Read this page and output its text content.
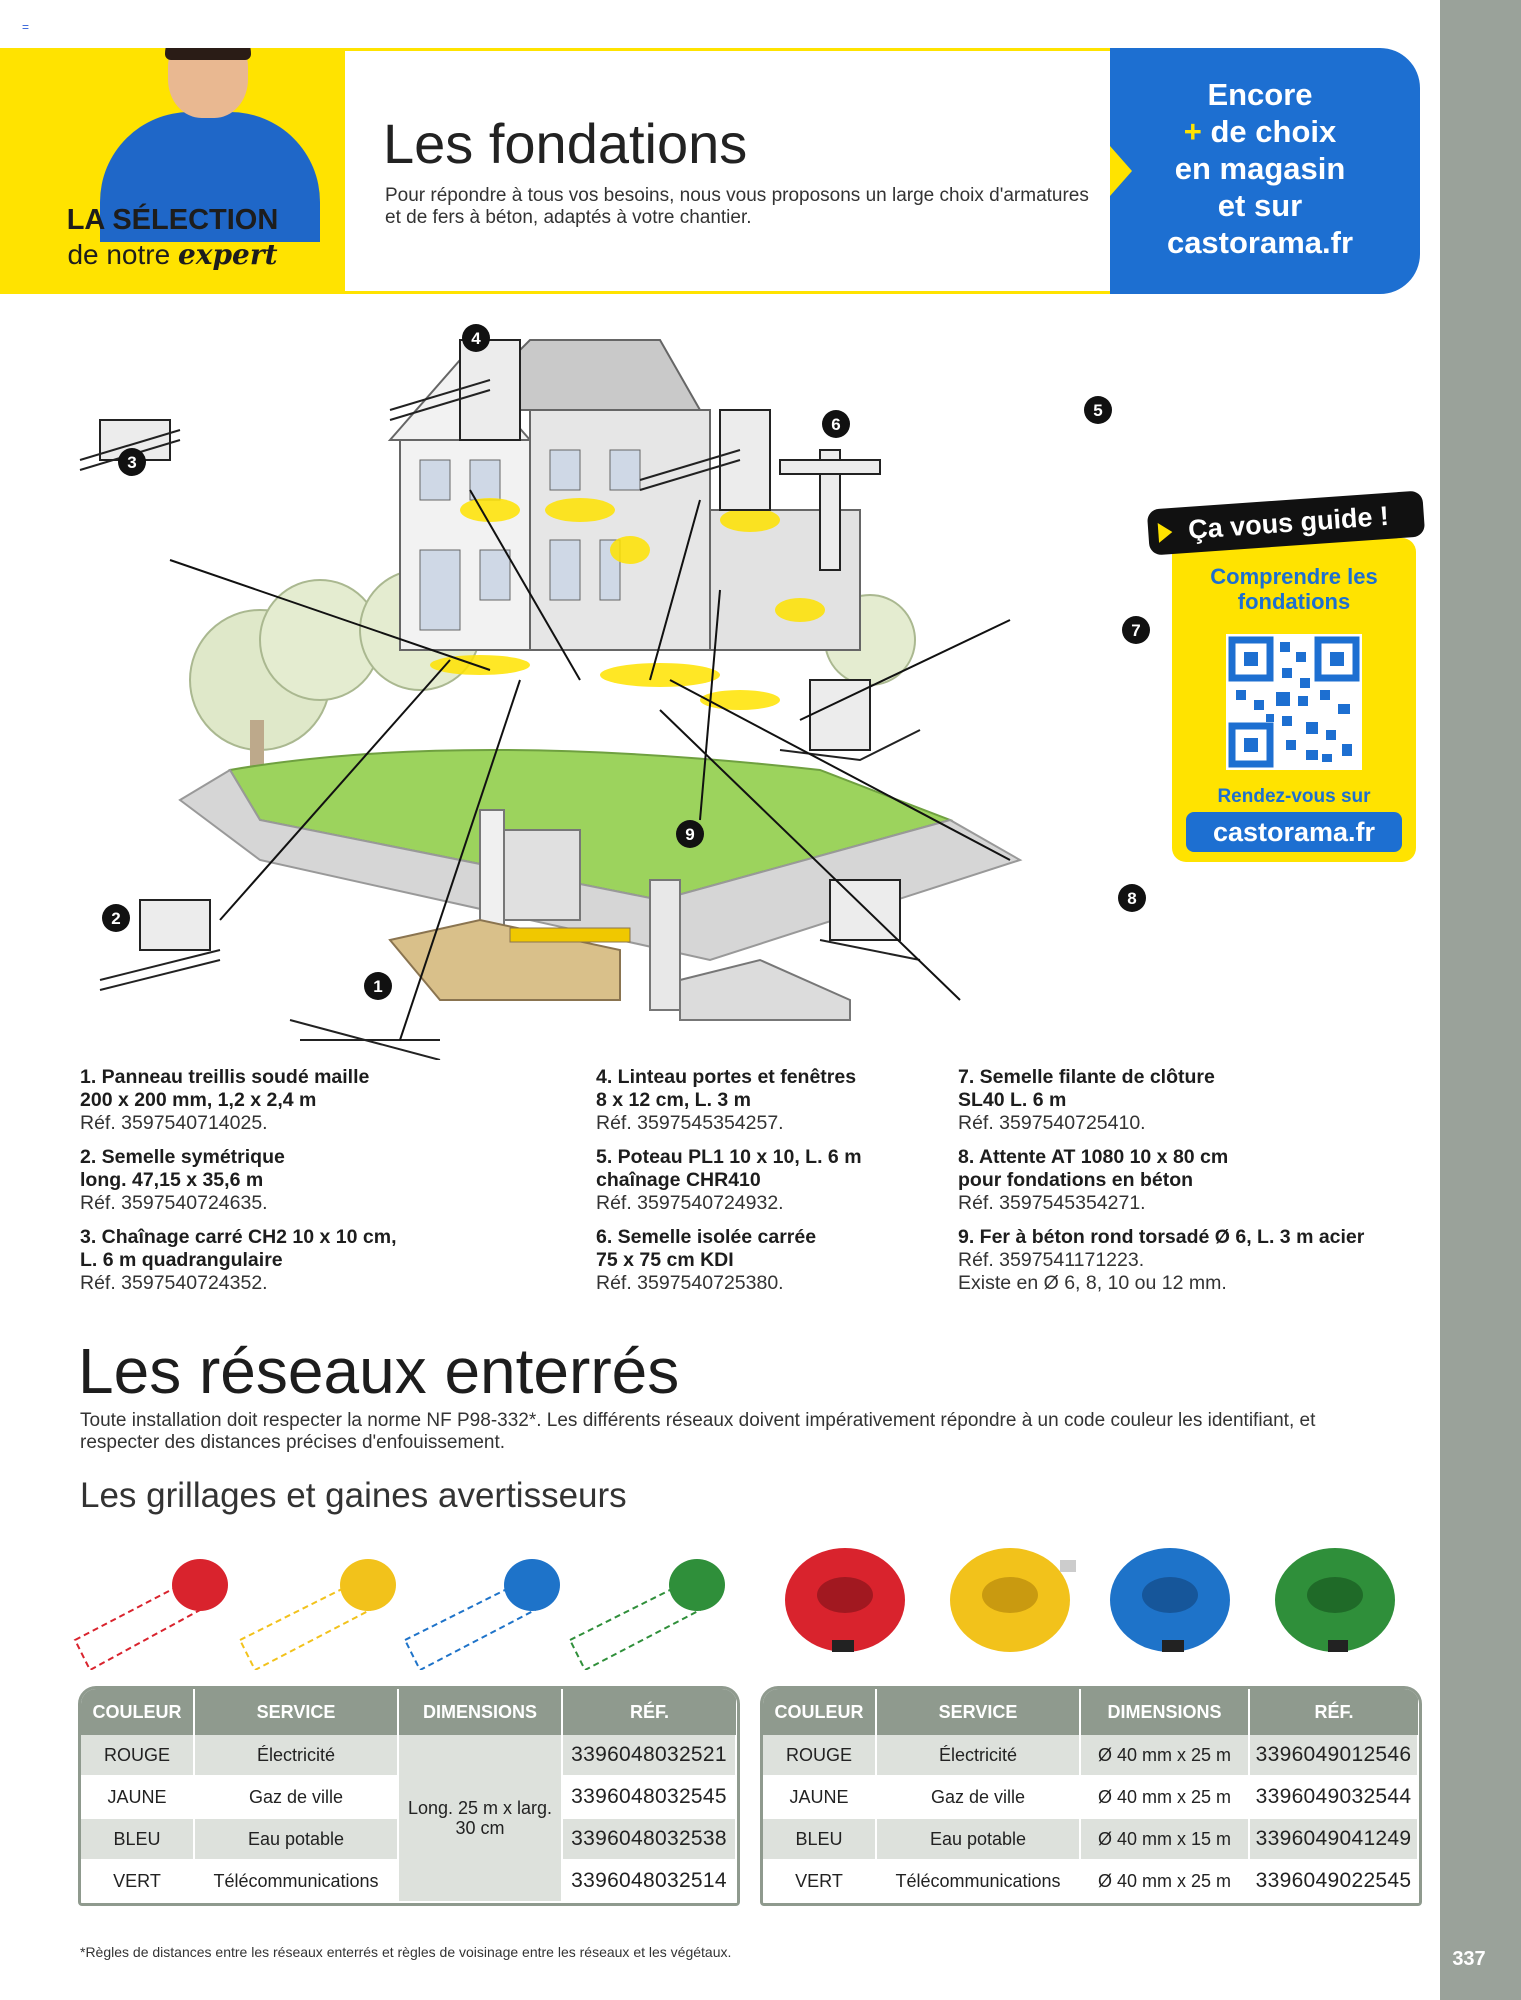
337
=
LA SÉLECTION
de notre expert
Les fondations
Pour répondre à tous vos besoins, nous vous proposons un large choix d'armatures et de fers à béton, adaptés à votre chantier.
Encore
+ de choix
en magasin
et sur
castorama.fr
1
2
3
4
5
6
7
8
9
Comprendre les fondations
Rendez-vous sur
castorama.fr
Ça vous guide !
1. Panneau treillis soudé maille
200 x 200 mm, 1,2 x 2,4 m
Réf. 3597540714025.
2. Semelle symétrique
long. 47,15 x 35,6 m
Réf. 3597540724635.
3. Chaînage carré CH2 10 x 10 cm,
L. 6 m quadrangulaire
Réf. 3597540724352.
4. Linteau portes et fenêtres
8 x 12 cm, L. 3 m
Réf. 3597545354257.
5. Poteau PL1 10 x 10, L. 6 m
chaînage CHR410
Réf. 3597540724932.
6. Semelle isolée carrée
75 x 75 cm KDI
Réf. 3597540725380.
7. Semelle filante de clôture
SL40 L. 6 m
Réf. 3597540725410.
8. Attente AT 1080 10 x 80 cm
pour fondations en béton
Réf. 3597545354271.
9. Fer à béton rond torsadé Ø 6, L. 3 m acier
Réf. 3597541171223.
Existe en Ø 6, 8, 10 ou 12 mm.
Les réseaux enterrés
Toute installation doit respecter la norme NF P98-332*. Les différents réseaux doivent impérativement répondre à un code couleur les identifiant, et respecter des distances précises d'enfouissement.
Les grillages et gaines avertisseurs
COULEUR	SERVICE	DIMENSIONS	RÉF.
ROUGE	Électricité	Long. 25 m x larg. 30 cm	3396048032521
JAUNE	Gaz de ville		3396048032545
BLEU	Eau potable		3396048032538
VERT	Télécommunications		3396048032514
COULEUR	SERVICE	DIMENSIONS	RÉF.
ROUGE	Électricité	Ø 40 mm x 25 m	3396049012546
JAUNE	Gaz de ville	Ø 40 mm x 25 m	3396049032544
BLEU	Eau potable	Ø 40 mm x 15 m	3396049041249
VERT	Télécommunications	Ø 40 mm x 25 m	3396049022545
*Règles de distances entre les réseaux enterrés et règles de voisinage entre les réseaux et les végétaux.
